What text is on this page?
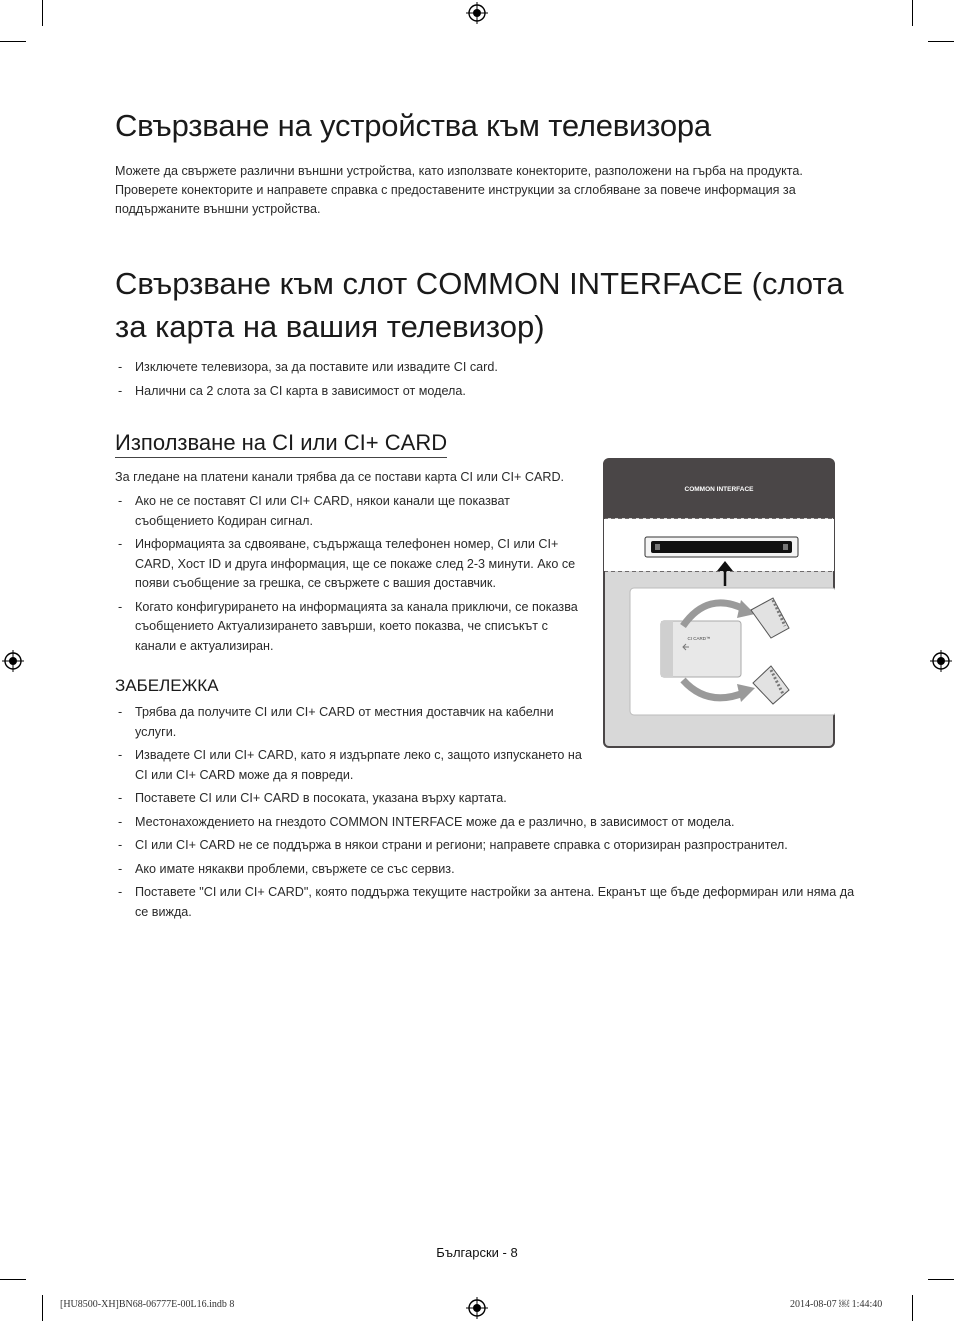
Свързване на устройства към телевизора
Можете да свържете различни външни устройства, като използвате конекторите, разположени на гърба на продукта. Проверете конекторите и направете справка с предоставените инструкции за сглобяване за повече информация за поддържаните външни устройства.
Свързване към слот COMMON INTERFACE (слота за карта на вашия телевизор)
- Изключете телевизора, за да поставите или извадите CI card.
- Налични са 2 слота за CI карта в зависимост от модела.
Използване на CI или CI+ CARD
За гледане на платени канали трябва да се постави карта CI или CI+ CARD.
- Ако не се поставят CI или CI+ CARD, някои канали ще показват съобщението Кодиран сигнал.
- Информацията за сдвояване, съдържаща телефонен номер, CI или CI+ CARD, Хост ID и друга информация, ще се покаже след 2-3 минути. Ако се появи съобщение за грешка, се свържете с вашия доставчик.
- Когато конфигурирането на информацията за канала приключи, се показва съобщението Актуализирането завърши, което показва, че списъкът с канали е актуализиран.
ЗАБЕЛЕЖКА
- Трябва да получите CI или CI+ CARD от местния доставчик на кабелни услуги.
- Извадете CI или CI+ CARD, като я издърпате леко с, защото изпускането на CI или CI+ CARD може да я повреди.
- Поставете CI или CI+ CARD в посоката, указана върху картата.
- Местонахождението на гнездото COMMON INTERFACE може да е различно, в зависимост от модела.
- CI или CI+ CARD не се поддържа в някои страни и региони; направете справка с оторизиран разпространител.
- Ако имате някакви проблеми, свържете се със сервиз.
- Поставете "CI или CI+ CARD", която поддържа текущите настройки за антена. Екранът ще бъде деформиран или няма да се вижда.
COMMON INTERFACE
CI CARD™
Български - 8
[HU8500-XH]BN68-06777E-00L16.indb 8	2014-08-07 ￼ 1:44:40
